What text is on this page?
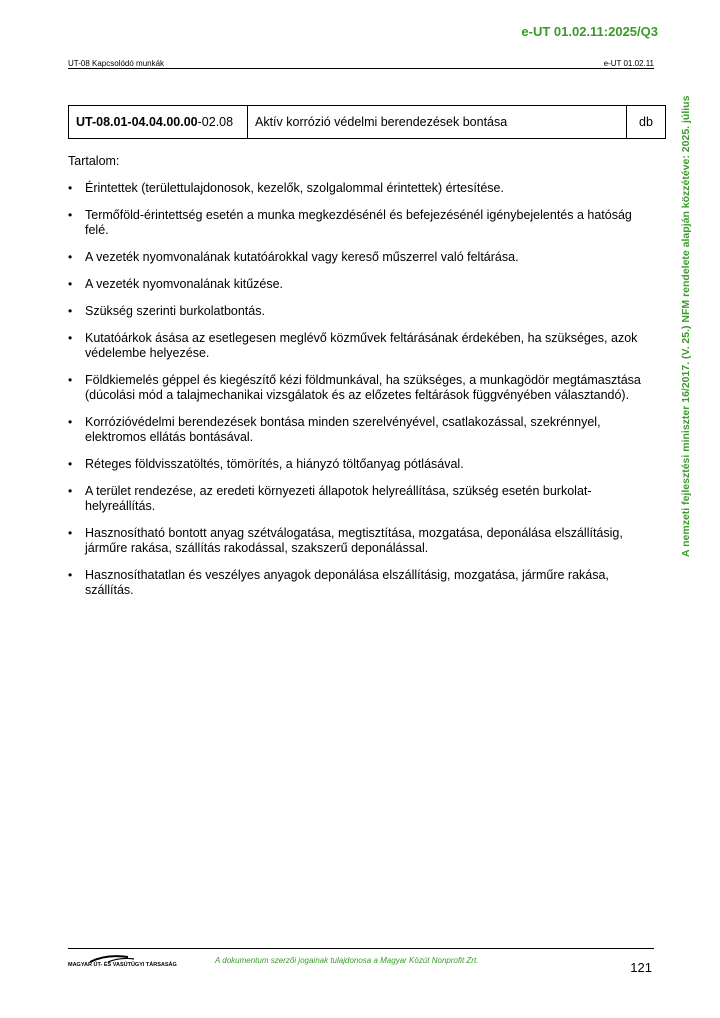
e-UT 01.02.11:2025/Q3
UT-08 Kapcsolódó munkák	e-UT 01.02.11
A nemzeti fejlesztési miniszter 16/2017. (V. 25.) NFM rendelete alapján közzétéve: 2025. július
UT-08.01-04.04.00.00-02.08	Aktív korrózió védelmi berendezések bontása	db
Tartalom:
• Érintettek (területtulajdonosok, kezelők, szolgalommal érintettek) értesítése.
• Termőföld-érintettség esetén a munka megkezdésénél és befejezésénél igénybejelentés a hatóság felé.
• A vezeték nyomvonalának kutatóárokkal vagy kereső műszerrel való feltárása.
• A vezeték nyomvonalának kitűzése.
• Szükség szerinti burkolatbontás.
• Kutatóárkok ásása az esetlegesen meglévő közművek feltárásának érdekében, ha szükséges, azok védelembe helyezése.
• Földkiemelés géppel és kiegészítő kézi földmunkával, ha szükséges, a munkagödör megtámasztása (dúcolási mód a talajmechanikai vizsgálatok és az előzetes feltárások függvényében választandó).
• Korrózióvédelmi berendezések bontása minden szerelvényével, csatlakozással, szekrénnyel, elektromos ellátás bontásával.
• Réteges földvisszatöltés, tömörítés, a hiányzó töltőanyag pótlásával.
• A terület rendezése, az eredeti környezeti állapotok helyreállítása, szükség esetén burkolat-helyreállítás.
• Hasznosítható bontott anyag szétválogatása, megtisztítása, mozgatása, deponálása elszállításig, járműre rakása, szállítás rakodással, szakszerű deponálással.
• Hasznosíthatatlan és veszélyes anyagok deponálása elszállításig, mozgatása, járműre rakása, szállítás.
MAGYAR ÚT- ÉS VASÚTÜGYI TÁRSASÁG	A dokumentum szerzői jogainak tulajdonosa a Magyar Közút Nonprofit Zrt.	121
